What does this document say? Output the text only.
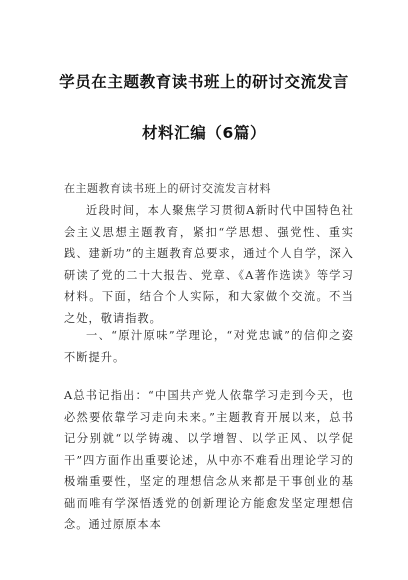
学员在主题教育读书班上的研讨交流发言
材料汇编（6篇）
在主题教育读书班上的研讨交流发言材料
近段时间，本人聚焦学习贯彻A新时代中国特色社会主义思想主题教育，紧扣“学思想、强党性、重实践、建新功”的主题教育总要求，通过个人自学，深入研读了党的二十大报告、党章、《A著作选读》等学习材料。下面，结合个人实际，和大家做个交流。不当之处，敬请指教。
一、“原汁原味”学理论，“对党忠诚”的信仰之姿不断提升。
A总书记指出：“中国共产党人依靠学习走到今天，也必然要依靠学习走向未来。”主题教育开展以来，总书记分别就“以学铸魂、以学增智、以学正风、以学促干”四方面作出重要论述，从中亦不难看出理论学习的极端重要性，坚定的理想信念从来都是干事创业的基础而唯有学深悟透党的创新理论方能愈发坚定理想信念。通过原原本本
